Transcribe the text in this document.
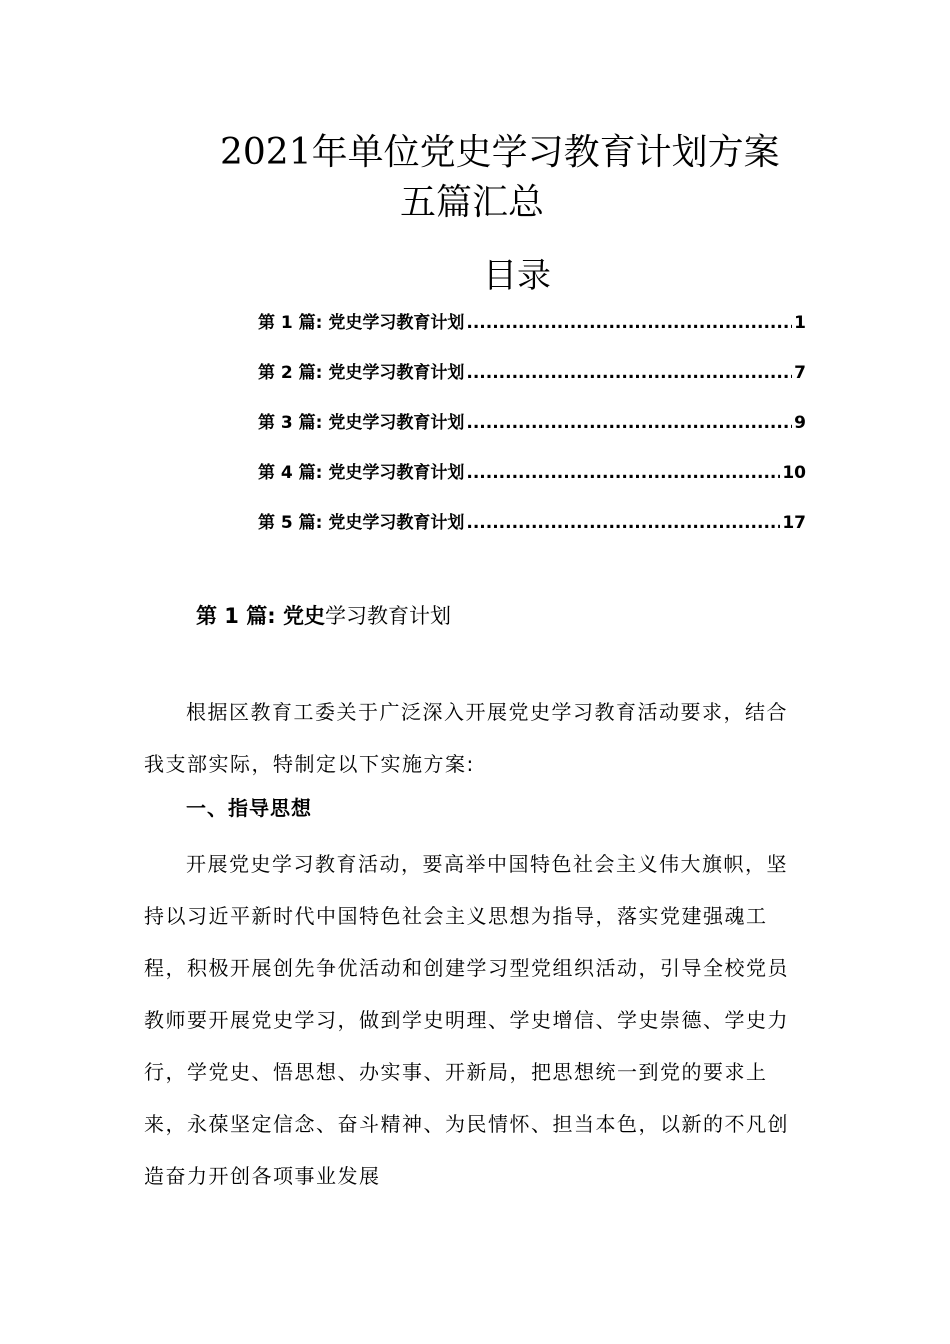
2021年单位党史学习教育计划方案
五篇汇总
目录
第 1 篇: 党史学习教育计划 .....	1
第 2 篇: 党史学习教育计划 .....	7
第 3 篇: 党史学习教育计划 .....	9
第 4 篇: 党史学习教育计划 .....	10
第 5 篇: 党史学习教育计划 .....	17
第 1 篇: 党史学习教育计划

根据区教育工委关于广泛深入开展党史学习教育活动要求，结合我支部实际，特制定以下实施方案:

一、指导思想

开展党史学习教育活动，要高举中国特色社会主义伟大旗帜，坚持以习近平新时代中国特色社会主义思想为指导，落实党建强魂工程，积极开展创先争优活动和创建学习型党组织活动，引导全校党员教师要开展党史学习，做到学史明理、学史增信、学史崇德、学史力行，学党史、悟思想、办实事、开新局，把思想统一到党的要求上来，永葆坚定信念、奋斗精神、为民情怀、担当本色，以新的不凡创造奋力开创各项事业发展
